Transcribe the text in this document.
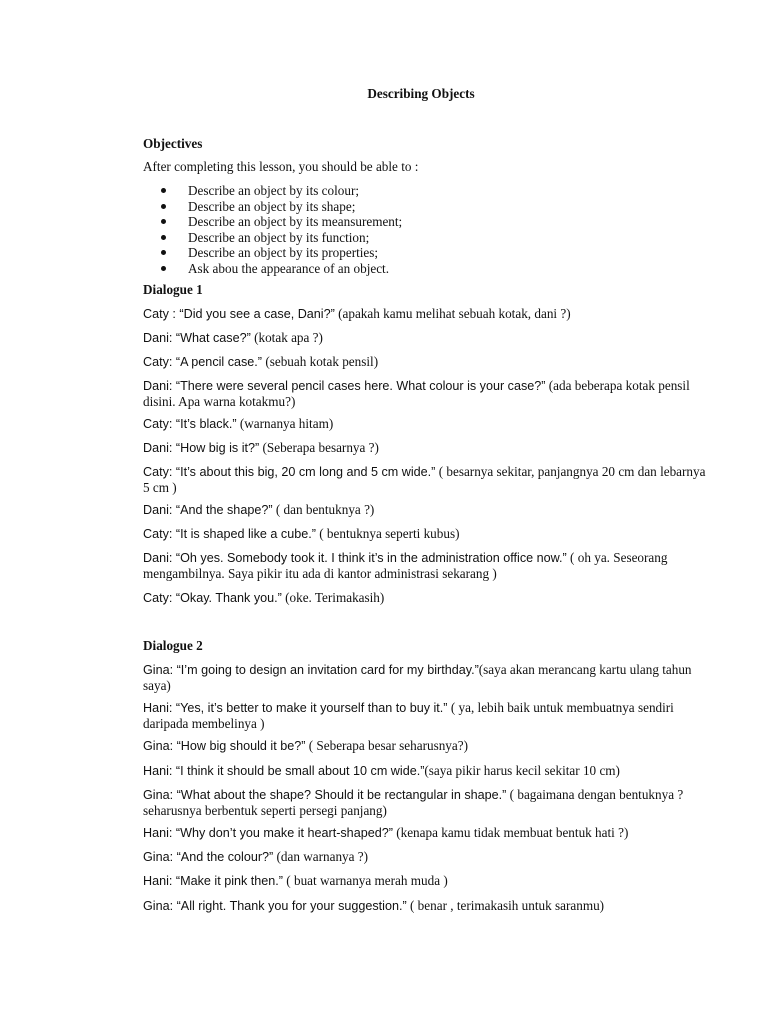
Describing Objects
Objectives
After completing this lesson, you should be able to :
Describe an object by its colour;
Describe an object by its shape;
Describe an object by its meansurement;
Describe an object by its function;
Describe an object by its properties;
Ask abou the appearance of an object.
Dialogue 1
Caty : “Did you see a case, Dani?” (apakah kamu melihat sebuah kotak, dani ?)
Dani: “What case?” (kotak apa ?)
Caty: “A pencil case.” (sebuah kotak pensil)
Dani: “There were several pencil cases here. What colour is your case?” (ada beberapa kotak pensil disini. Apa warna kotakmu?)
Caty: “It’s black.” (warnanya hitam)
Dani: “How big is it?” (Seberapa besarnya ?)
Caty: “It’s about this big, 20 cm long and 5 cm wide.” ( besarnya sekitar, panjangnya 20 cm dan lebarnya 5 cm )
Dani: “And the shape?” ( dan bentuknya ?)
Caty: “It is shaped like a cube.” ( bentuknya seperti kubus)
Dani: “Oh yes. Somebody took it. I think it’s in the administration office now.” ( oh ya. Seseorang mengambilnya. Saya pikir itu ada di kantor administrasi sekarang )
Caty: “Okay. Thank you.” (oke. Terimakasih)
Dialogue 2
Gina: “I’m going to design an invitation card for my birthday.”(saya akan merancang kartu ulang tahun saya)
Hani: “Yes, it’s better to make it yourself than to buy it.” ( ya, lebih baik untuk membuatnya sendiri daripada membelinya )
Gina: “How big should it be?” ( Seberapa besar seharusnya?)
Hani: “I think it should be small about 10 cm wide.”(saya pikir harus kecil sekitar 10 cm)
Gina: “What about the shape? Should it be rectangular in shape.” ( bagaimana dengan bentuknya ? seharusnya berbentuk seperti persegi panjang)
Hani: “Why don’t you make it heart-shaped?” (kenapa kamu tidak membuat bentuk hati ?)
Gina: “And the colour?” (dan warnanya ?)
Hani: “Make it pink then.” ( buat warnanya merah muda )
Gina: “All right. Thank you for your suggestion.” ( benar , terimakasih untuk saranmu)
